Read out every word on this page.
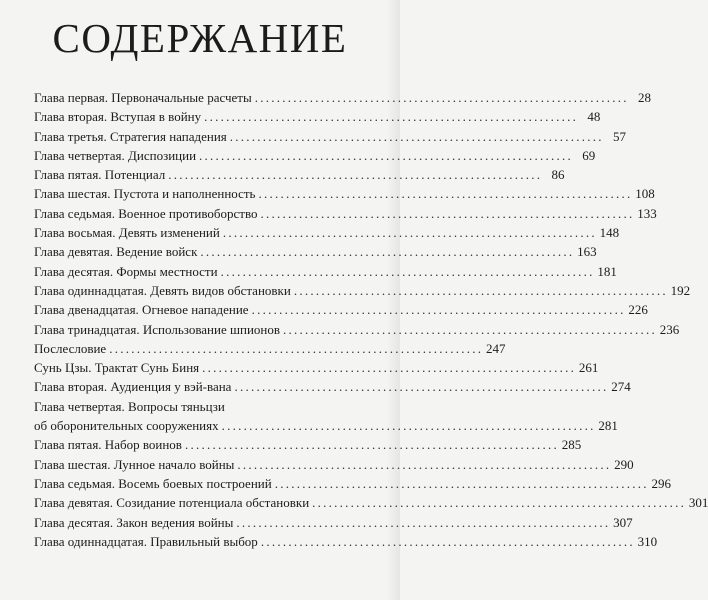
СОДЕРЖАНИЕ
Глава первая. Первоначальные расчеты . . .	28
Глава вторая. Вступая в войну . . .	48
Глава третья. Стратегия нападения . . .	57
Глава четвертая. Диспозиции . . .	69
Глава пятая. Потенциал . . .	86
Глава шестая. Пустота и наполненность . . .	108
Глава седьмая. Военное противоборство . . .	133
Глава восьмая. Девять изменений . . .	148
Глава девятая. Ведение войск . . .	163
Глава десятая. Формы местности . . .	181
Глава одиннадцатая. Девять видов обстановки . . .	192
Глава двенадцатая. Огневое нападение . . .	226
Глава тринадцатая. Использование шпионов . . .	236
Послесловие . . .	247
Сунь Цзы. Трактат Сунь Биня . . .	261
Глава вторая. Аудиенция у вэй-вана . . .	274
Глава четвертая. Вопросы тяньцзи
об оборонительных сооружениях . . .	281
Глава пятая. Набор воинов . . .	285
Глава шестая. Лунное начало войны . . .	290
Глава седьмая. Восемь боевых построений . . .	296
Глава девятая. Созидание потенциала обстановки . . .	301
Глава десятая. Закон ведения войны . . .	307
Глава одиннадцатая. Правильный выбор . . .	310
